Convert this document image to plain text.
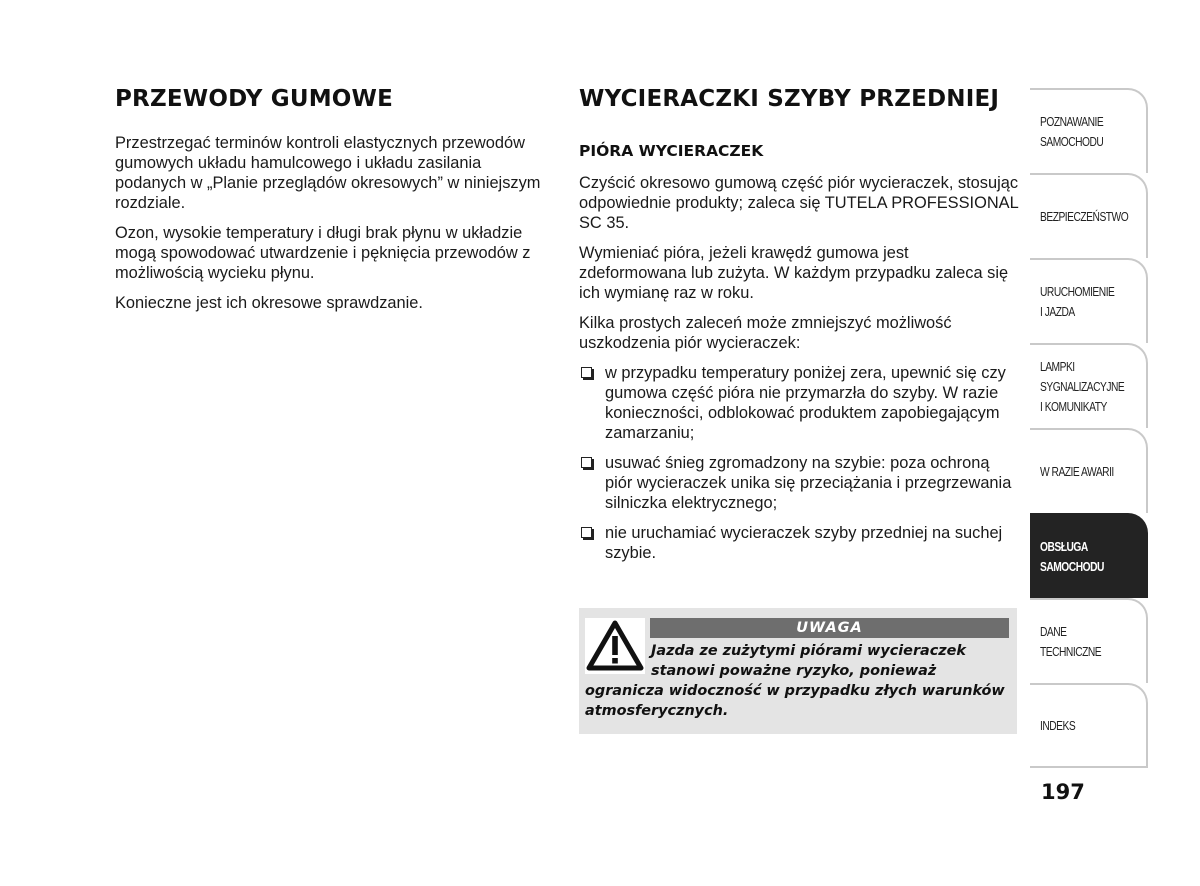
PRZEWODY GUMOWE

Przestrzegać terminów kontroli elastycznych przewodów gumowych układu hamulcowego i układu zasilania podanych w „Planie przeglądów okresowych” w niniejszym rozdziale.

Ozon, wysokie temperatury i długi brak płynu w układzie mogą spowodować utwardzenie i pęknięcia przewodów z możliwością wycieku płynu.

Konieczne jest ich okresowe sprawdzanie.

WYCIERACZKI SZYBY PRZEDNIEJ
PIÓRA WYCIERACZEK

Czyścić okresowo gumową część piór wycieraczek, stosując odpowiednie produkty; zaleca się TUTELA PROFESSIONAL SC 35.

Wymieniać pióra, jeżeli krawędź gumowa jest zdeformowana lub zużyta. W każdym przypadku zaleca się ich wymianę raz w roku.

Kilka prostych zaleceń może zmniejszyć możliwość uszkodzenia piór wycieraczek:

w przypadku temperatury poniżej zera, upewnić się czy gumowa część pióra nie przymarzła do szyby. W razie konieczności, odblokować produktem zapobiegającym zamarzaniu;
usuwać śnieg zgromadzony na szybie: poza ochroną piór wycieraczek unika się przeciążania i przegrzewania silniczka elektrycznego;
nie uruchamiać wycieraczek szyby przedniej na suchej szybie.
UWAGA
Jazda ze zużytymi piórami wycieraczek stanowi poważne ryzyko, ponieważ ogranicza widoczność w przypadku złych warunków atmosferycznych.
POZNAWANIE
SAMOCHODU
BEZPIECZEŃSTWO
URUCHOMIENIE
I JAZDA
LAMPKI
SYGNALIZACYJNE
I KOMUNIKATY
W RAZIE AWARII
OBSŁUGA
SAMOCHODU
DANE
TECHNICZNE
INDEKS
197
